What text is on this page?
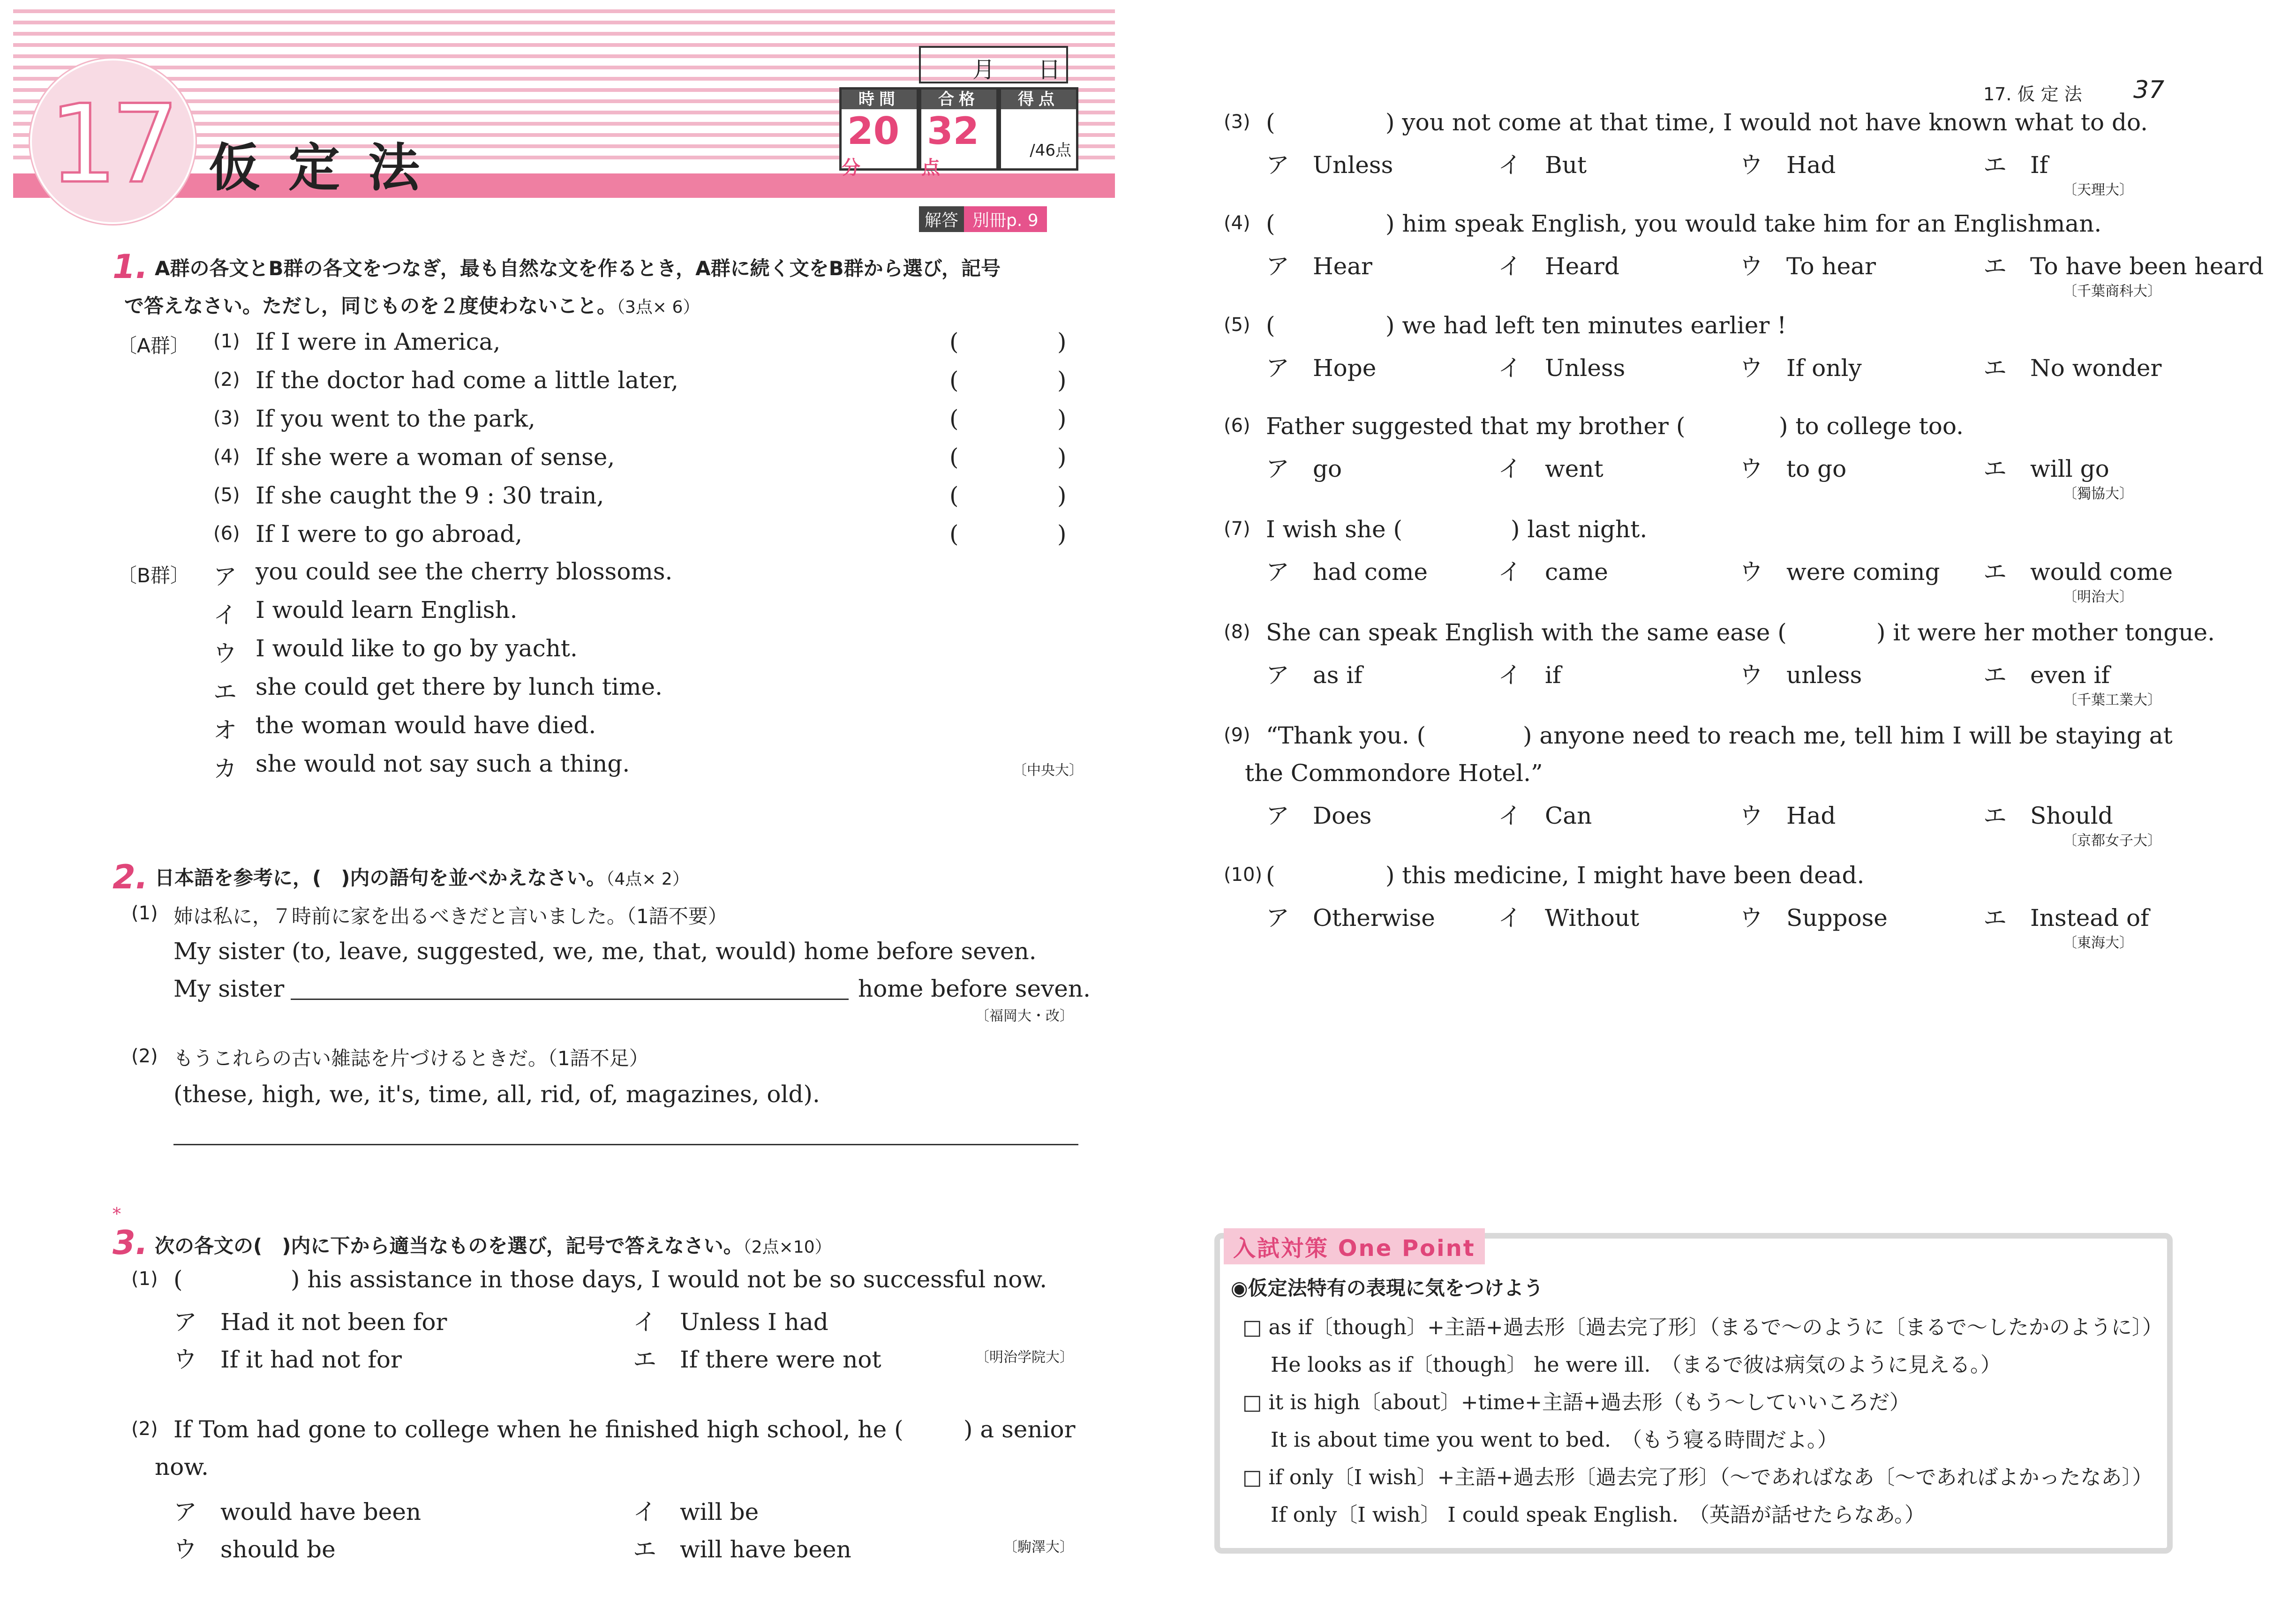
17 仮定法
月 日
時間
20分
合格
32点
得点
/46点
解答 別冊p. 9
1. A群の各文とB群の各文をつなぎ，最も自然な文を作るとき，A群に続く文をB群から選び，記号
で答えなさい。ただし，同じものを２度使わないこと。（3点× 6）
〔A群〕
〔B群〕
(1) If I were in America,	(	)
(2) If the doctor had come a little later,	(	)
(3) If you went to the park,	(	)
(4) If she were a woman of sense,	(	)
(5) If she caught the 9 : 30 train,	(	)
(6) If I were to go abroad,	(	)
ア you could see the cherry blossoms.
イ I would learn English.
ウ I would like to go by yacht.
エ she could get there by lunch time.
オ the woman would have died.
カ she would not say such a thing.	〔中央大〕
2. 日本語を参考に，(　)内の語句を並べかえなさい。（4点× 2）
(1) 姉は私に，７時前に家を出るべきだと言いました。（1語不要）
My sister (to, leave, suggested, we, me, that, would) home before seven.
My sister	home before seven.
〔福岡大・改〕
(2) もうこれらの古い雑誌を片づけるときだ。（1語不足）
(these, high, we, it's, time, all, rid, of, magazines, old).
*
3. 次の各文の(　)内に下から適当なものを選び，記号で答えなさい。（2点×10）
(1) (	) his assistance in those days, I would not be so successful now.
ア　 Had it not been for	イ　 Unless I had
ウ　 If it had not for	エ　 If there were not	〔明治学院大〕
(2) If Tom had gone to college when he finished high school, he (	) a senior
now.
ア　 would have been	イ　 will be
ウ　 should be	エ　 will have been	〔駒澤大〕
17. 仮 定 法 37
(3) (	) you not come at that time, I would not have known what to do.
ア　 Unless	イ　 But	ウ　 Had	エ　 If
〔天理大〕
(4) (	) him speak English, you would take him for an Englishman.
ア　 Hear	イ　 Heard	ウ　 To hear	エ　 To have been heard
〔千葉商科大〕
(5) (	) we had left ten minutes earlier !
ア　 Hope	イ　 Unless	ウ　 If only	エ　 No wonder
(6) Father suggested that my brother (	) to college too.
ア　 go	イ　 went	ウ　 to go	エ　 will go
〔獨協大〕
(7) I wish she (	) last night.
ア　 had come	イ　 came	ウ　 were coming エ　 would come
〔明治大〕
(8) She can speak English with the same ease (	) it were her mother tongue.
ア　 as if	イ　 if	ウ　 unless	エ　 even if
〔千葉工業大〕
(9) “Thank you. (	) anyone need to reach me, tell him I will be staying at
the Commondore Hotel.”
ア　 Does	イ　 Can	ウ　 Had	エ　 Should
〔京都女子大〕
(10) (	) this medicine, I might have been dead.
ア　 Otherwise	イ　 Without	ウ　 Suppose	エ　 Instead of
〔東海大〕
入試対策 One Point
◉仮定法特有の表現に気をつけよう
□ as if〔though〕+主語+過去形〔過去完了形〕（まるで～のように〔まるで～したかのように〕）
He looks as if〔though〕 he were ill.　（まるで彼は病気のように見える。）
□ it is high〔about〕+time+主語+過去形（もう～していいころだ）
It is about time you went to bed.　（もう寝る時間だよ。）
□ if only〔I wish〕+主語+過去形〔過去完了形〕（～であればなあ〔～であればよかったなあ〕）
If only〔I wish〕 I could speak English.　（英語が話せたらなあ。）
